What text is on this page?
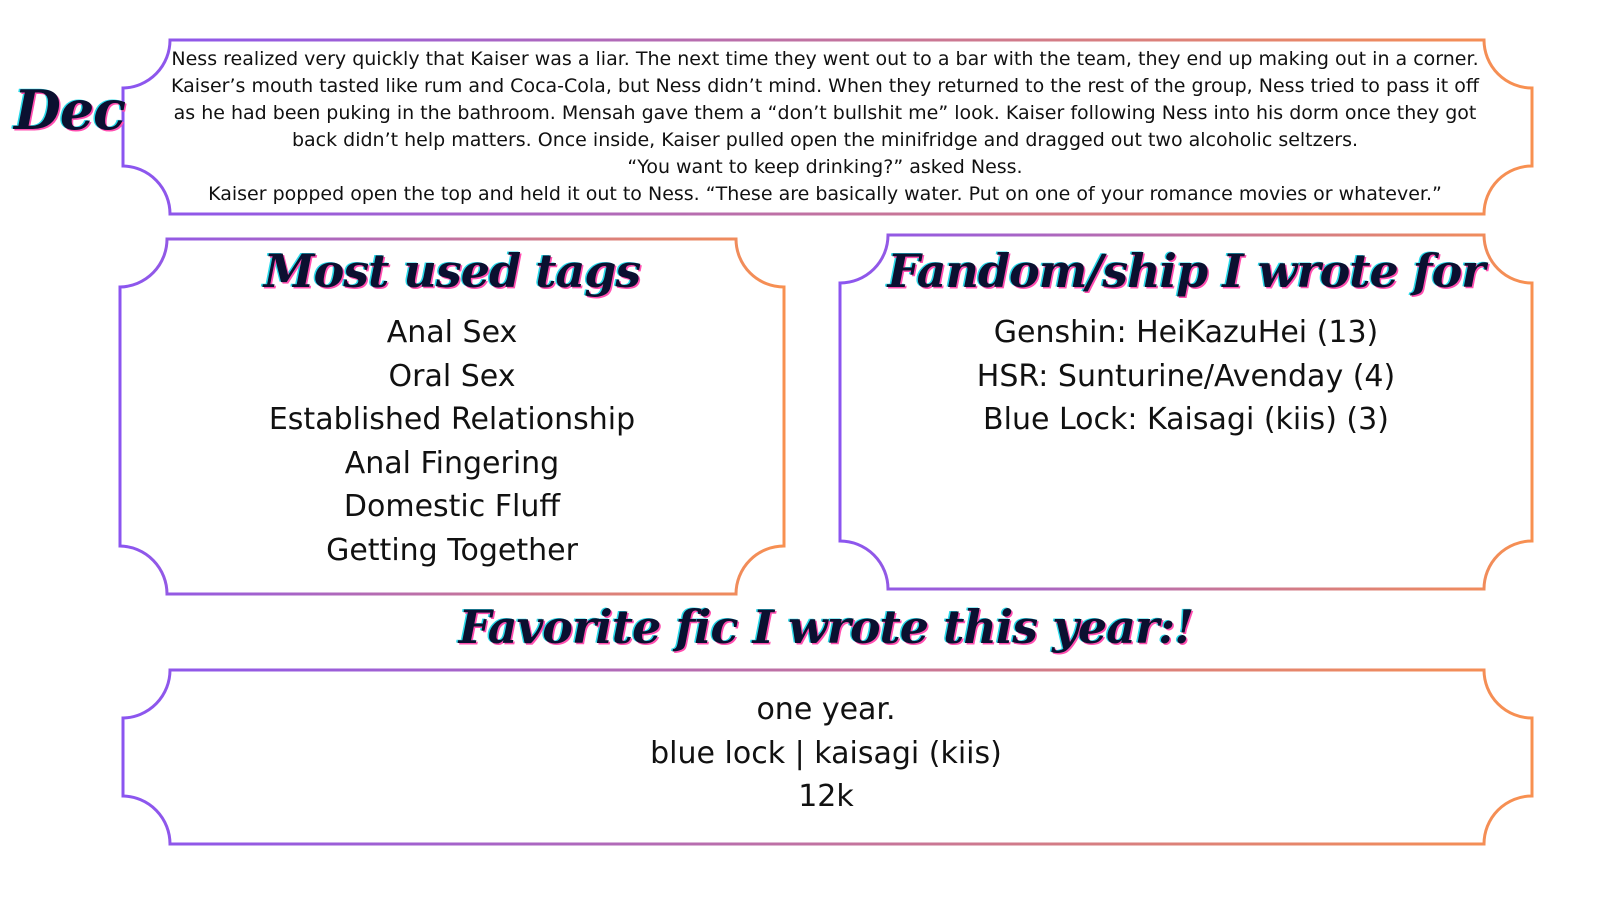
Dec

Ness realized very quickly that Kaiser was a liar. The next time they went out to a bar with the team, they end up making out in a corner. Kaiser’s mouth tasted like rum and Coca-Cola, but Ness didn’t mind. When they returned to the rest of the group, Ness tried to pass it off as he had been puking in the bathroom. Mensah gave them a “don’t bullshit me” look. Kaiser following Ness into his dorm once they got back didn’t help matters. Once inside, Kaiser pulled open the minifridge and dragged out two alcoholic seltzers.

“You want to keep drinking?” asked Ness.

Kaiser popped open the top and held it out to Ness. “These are basically water. Put on one of your romance movies or whatever.”

Most used tags
Anal Sex
Oral Sex
Established Relationship
Anal Fingering
Domestic Fluff
Getting Together
Fandom/ship I wrote for
Genshin: HeiKazuHei (13)
HSR: Sunturine/Avenday (4)
Blue Lock: Kaisagi (kiis) (3)
Favorite fic I wrote this year:!
one year.
blue lock | kaisagi (kiis)
12k
